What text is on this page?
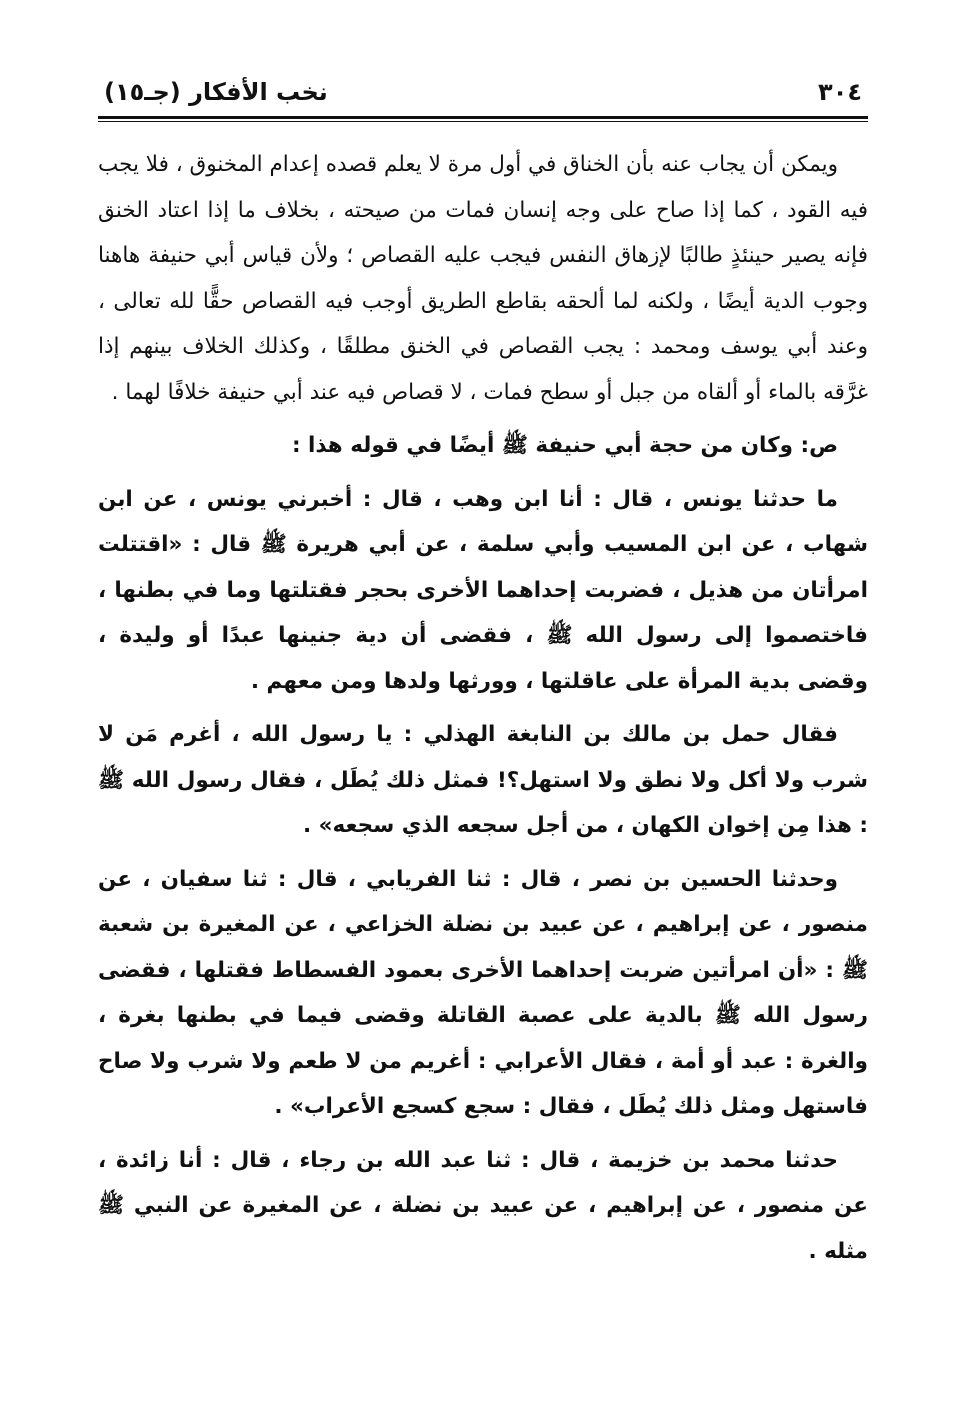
٣٠٤
نخب الأفكار (جـ١٥)

ويمكن أن يجاب عنه بأن الخناق في أول مرة لا يعلم قصده إعدام المخنوق ، فلا يجب فيه القود ، كما إذا صاح على وجه إنسان فمات من صيحته ، بخلاف ما إذا اعتاد الخنق فإنه يصير حينئذٍ طالبًا لإزهاق النفس فيجب عليه القصاص ؛ ولأن قياس أبي حنيفة هاهنا وجوب الدية أيضًا ، ولكنه لما ألحقه بقاطع الطريق أوجب فيه القصاص حقًّا لله تعالى ، وعند أبي يوسف ومحمد : يجب القصاص في الخنق مطلقًا ، وكذلك الخلاف بينهم إذا غرَّقه بالماء أو ألقاه من جبل أو سطح فمات ، لا قصاص فيه عند أبي حنيفة خلافًا لهما .

ص: وكان من حجة أبي حنيفة ﷺ أيضًا في قوله هذا :

ما حدثنا يونس ، قال : أنا ابن وهب ، قال : أخبرني يونس ، عن ابن شهاب ، عن ابن المسيب وأبي سلمة ، عن أبي هريرة ﷺ قال : «اقتتلت امرأتان من هذيل ، فضربت إحداهما الأخرى بحجر فقتلتها وما في بطنها ، فاختصموا إلى رسول الله ﷺ ، فقضى أن دية جنينها عبدًا أو وليدة ، وقضى بدية المرأة على عاقلتها ، وورثها ولدها ومن معهم .

فقال حمل بن مالك بن النابغة الهذلي : يا رسول الله ، أغرم مَن لا شرب ولا أكل ولا نطق ولا استهل؟! فمثل ذلك يُطَل ، فقال رسول الله ﷺ : هذا مِن إخوان الكهان ، من أجل سجعه الذي سجعه» .

وحدثنا الحسين بن نصر ، قال : ثنا الفريابي ، قال : ثنا سفيان ، عن منصور ، عن إبراهيم ، عن عبيد بن نضلة الخزاعي ، عن المغيرة بن شعبة ﷺ : «أن امرأتين ضربت إحداهما الأخرى بعمود الفسطاط فقتلها ، فقضى رسول الله ﷺ بالدية على عصبة القاتلة وقضى فيما في بطنها بغرة ، والغرة : عبد أو أمة ، فقال الأعرابي : أغريم من لا طعم ولا شرب ولا صاح فاستهل ومثل ذلك يُطَل ، فقال : سجع كسجع الأعراب» .

حدثنا محمد بن خزيمة ، قال : ثنا عبد الله بن رجاء ، قال : أنا زائدة ، عن منصور ، عن إبراهيم ، عن عبيد بن نضلة ، عن المغيرة عن النبي ﷺ مثله .
